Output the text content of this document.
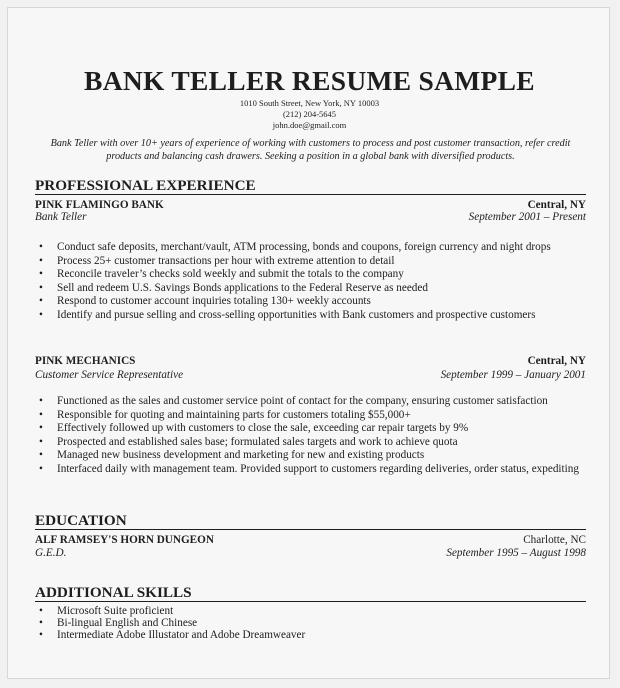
BANK TELLER RESUME SAMPLE
1010 South Street, New York, NY 10003
(212) 204-5645
john.doe@gmail.com
Bank Teller with over 10+ years of experience of working with customers to process and post customer transaction, refer credit products and balancing cash drawers. Seeking a position in a global bank with diversified products.
PROFESSIONAL EXPERIENCE
PINK FLAMINGO BANK	Central, NY
Bank Teller	September 2001 – Present
• Conduct safe deposits, merchant/vault, ATM processing, bonds and coupons, foreign currency and night drops
• Process 25+ customer transactions per hour with extreme attention to detail
• Reconcile traveler’s checks sold weekly and submit the totals to the company
• Sell and redeem U.S. Savings Bonds applications to the Federal Reserve as needed
• Respond to customer account inquiries totaling 130+ weekly accounts
• Identify and pursue selling and cross-selling opportunities with Bank customers and prospective customers
PINK MECHANICS	Central, NY
Customer Service Representative	September 1999 – January 2001
• Functioned as the sales and customer service point of contact for the company, ensuring customer satisfaction
• Responsible for quoting and maintaining parts for customers totaling $55,000+
• Effectively followed up with customers to close the sale, exceeding car repair targets by 9%
• Prospected and established sales base; formulated sales targets and work to achieve quota
• Managed new business development and marketing for new and existing products
• Interfaced daily with management team. Provided support to customers regarding deliveries, order status, expediting
EDUCATION
ALF RAMSEY'S HORN DUNGEON	Charlotte, NC
G.E.D.	September 1995 – August 1998
ADDITIONAL SKILLS
• Microsoft Suite proficient
• Bi-lingual English and Chinese
• Intermediate Adobe Illustator and Adobe Dreamweaver
